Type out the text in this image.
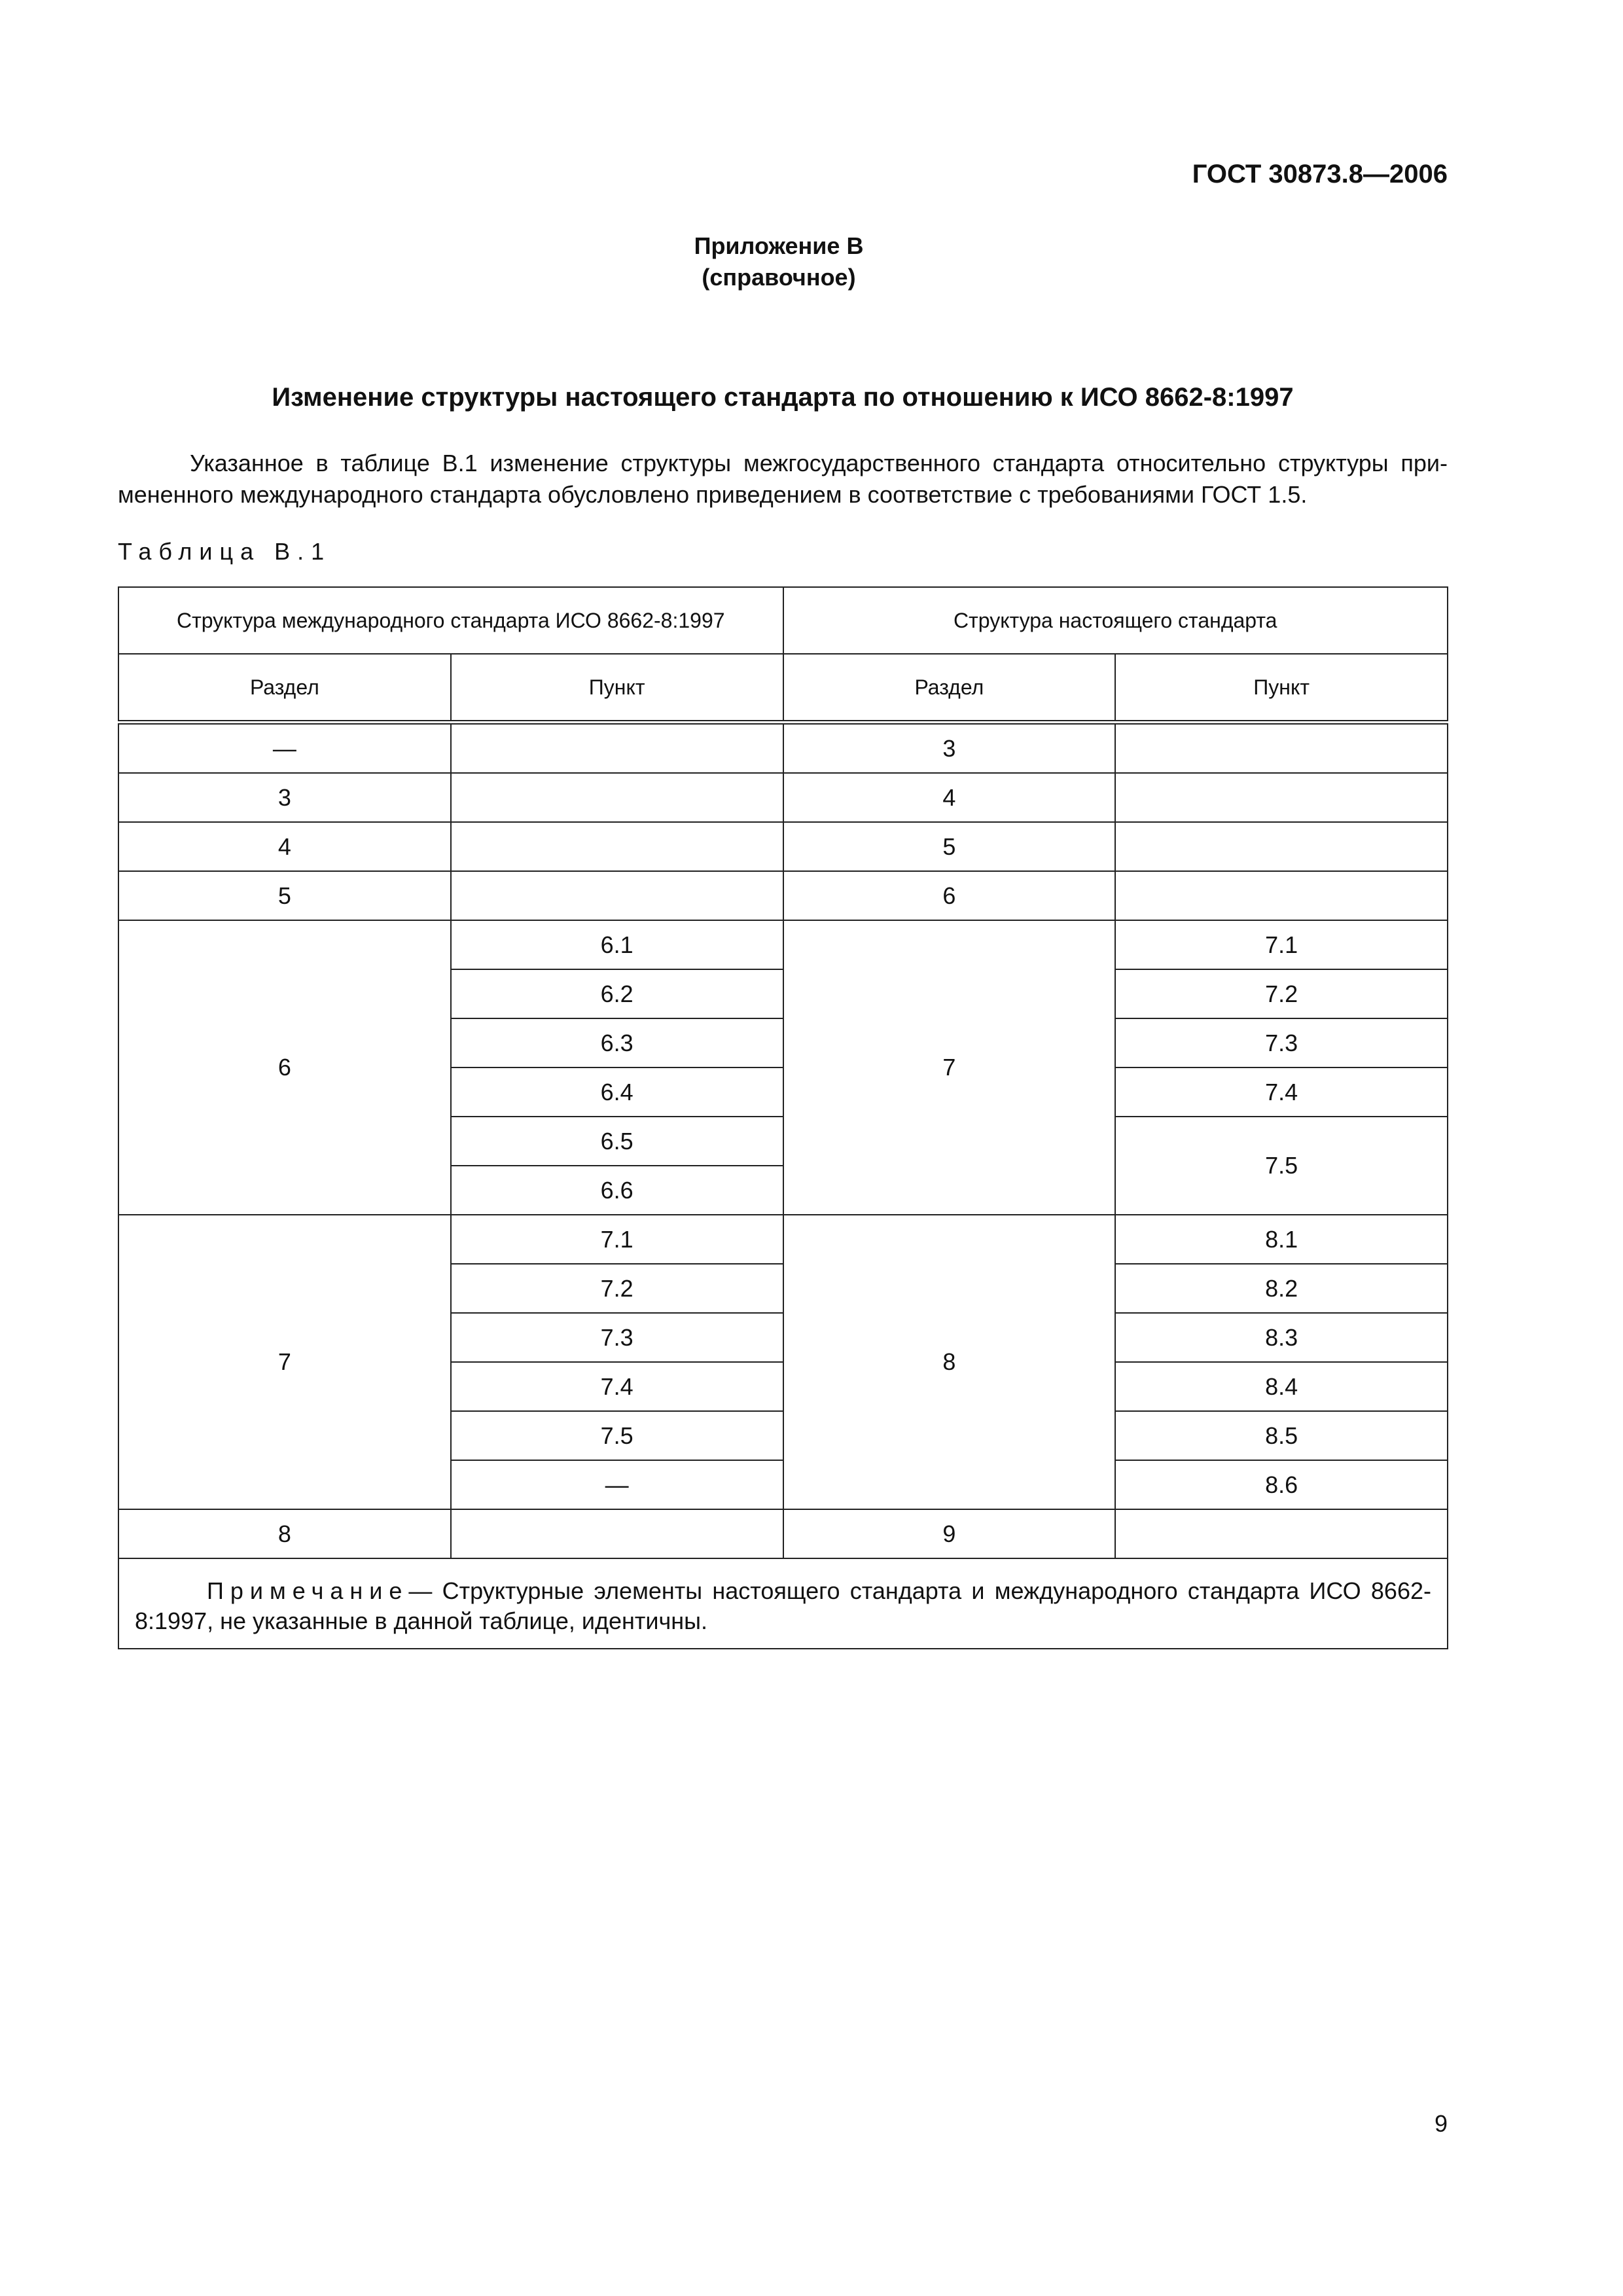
ГОСТ 30873.8—2006
Приложение В
(справочное)
Изменение структуры настоящего стандарта по отношению к ИСО 8662-8:1997
Указанное в таблице В.1 изменение структуры межгосударственного стандарта относительно структуры примененного международного стандарта обусловлено приведением в соответствие с требованиями ГОСТ 1.5.
Таблица В.1
Структура международного стандарта ИСО 8662-8:1997		Структура настоящего стандарта	
Раздел	Пункт	Раздел	Пункт
—		3	
3		4	
4		5	
5		6	
6	6.1	7	7.1
	6.2		7.2
	6.3		7.3
	6.4		7.4
	6.5		7.5
	6.6		
7	7.1	8	8.1
	7.2		8.2
	7.3		8.3
	7.4		8.4
	7.5		8.5
	—		8.6
8		9	
Примечание— Структурные элементы настоящего стандарта и международного стандарта ИСО 8662-8:1997, не указанные в данной таблице, идентичны.			
9
